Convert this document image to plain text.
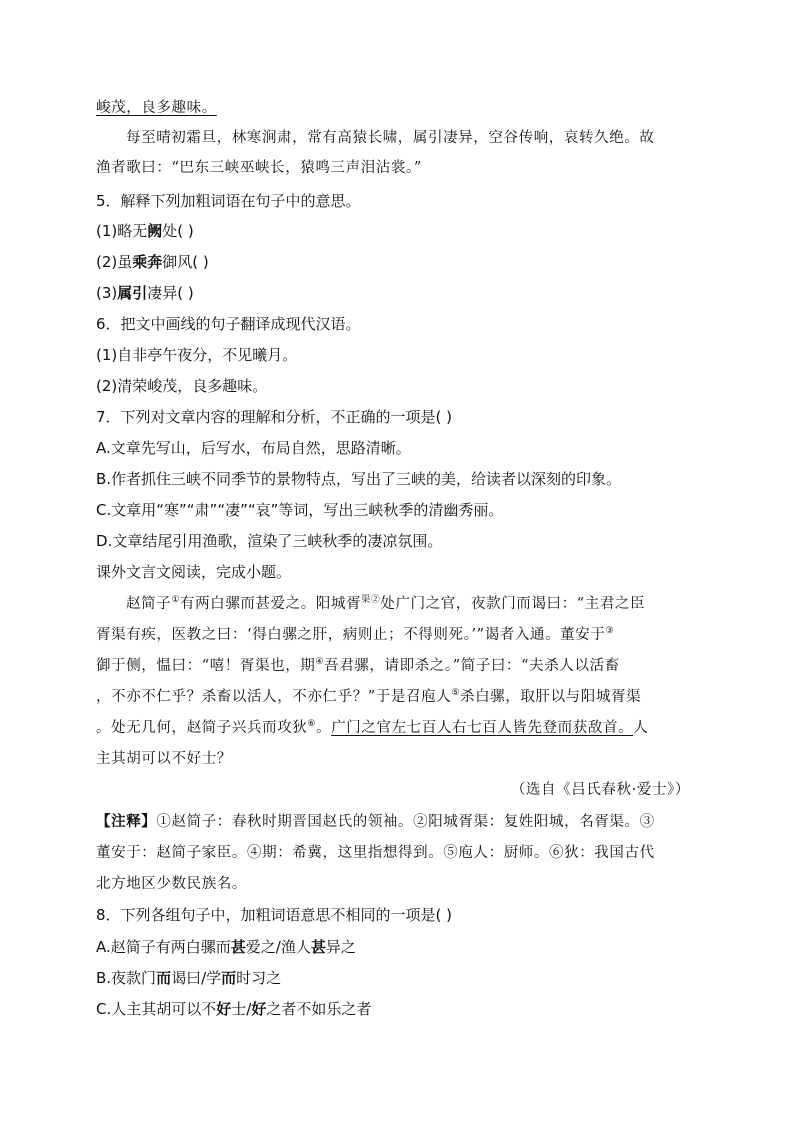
峻茂，良多趣味。
每至晴初霜旦，林寒涧肃，常有高猿长啸，属引凄异，空谷传响，哀转久绝。故
渔者歌曰：“巴东三峡巫峡长，猿鸣三声泪沾裳。”
5．解释下列加粗词语在句子中的意思。
(1)略无阙处( )
(2)虽乘奔御风( )
(3)属引凄异( )
6．把文中画线的句子翻译成现代汉语。
(1)自非亭午夜分，不见曦月。
(2)清荣峻茂，良多趣味。
7．下列对文章内容的理解和分析，不正确的一项是( )
A.文章先写山，后写水，布局自然，思路清晰。
B.作者抓住三峡不同季节的景物特点，写出了三峡的美，给读者以深刻的印象。
C.文章用“寒”“肃”“凄”“哀”等词，写出三峡秋季的清幽秀丽。
D.文章结尾引用渔歌，渲染了三峡秋季的凄凉氛围。
课外文言文阅读，完成小题。
赵简子①有两白骡而甚爱之。阳城胥$^{渠②}$处广门之官，夜款门而谒曰：“主君之臣
胥渠有疾，医教之曰：‘得白骡之肝，病则止；不得则死。’”谒者入通。董安于③
御于侧，愠曰：“嘻！胥渠也，期④吾君骡，请即杀之。”简子曰：“夫杀人以活畜
，不亦不仁乎？杀畜以活人，不亦仁乎？”于是召庖人⑤杀白骡，取肝以与阳城胥渠
。处无几何，赵简子兴兵而攻狄⑥。广门之官左七百人右七百人皆先登而获敌首。人
主其胡可以不好士？
（选自《吕氏春秋·爱士》）
【注释】①赵简子：春秋时期晋国赵氏的领袖。②阳城胥渠：复姓阳城，名胥渠。③
董安于：赵简子家臣。④期：希冀，这里指想得到。⑤庖人：厨师。⑥狄：我国古代
北方地区少数民族名。
8．下列各组句子中，加粗词语意思不相同的一项是( )
A.赵简子有两白骡而甚爱之/渔人甚异之
B.夜款门而谒曰/学而时习之
C.人主其胡可以不好士/好之者不如乐之者
